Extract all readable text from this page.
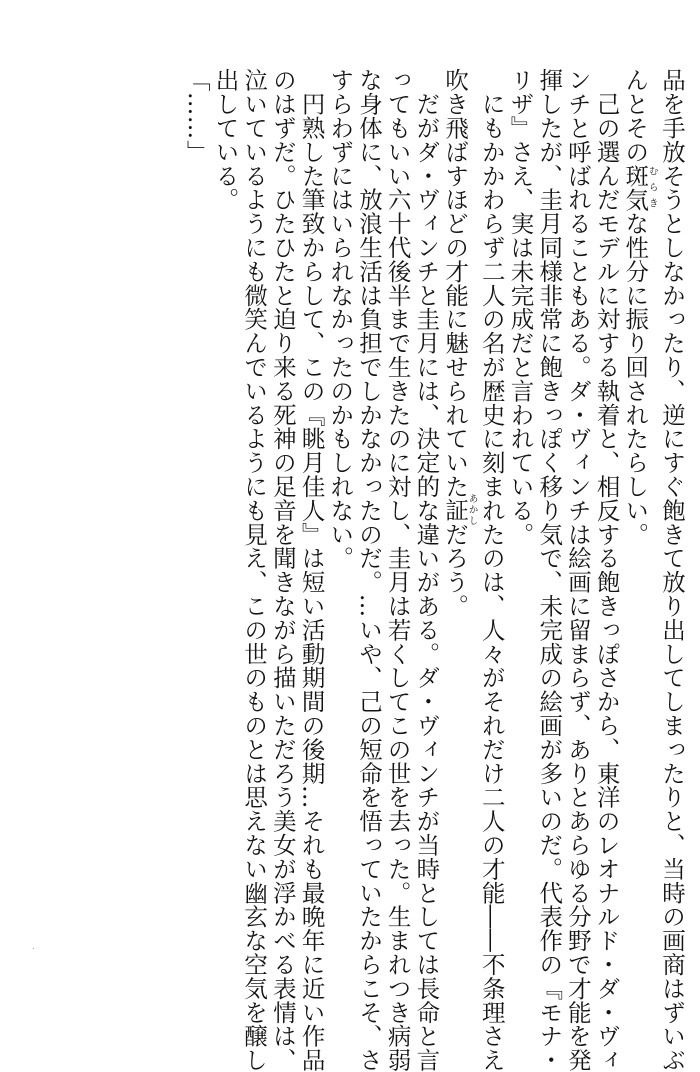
品を手放そうとしなかったり、逆にすぐ飽きて放り出してしまったりと、当時の画商はずいぶ

んとその斑気むらきな性分に振り回されたらしい。

　己の選んだモデルに対する執着と、相反する飽きっぽさから、東洋のレオナルド・ダ・ヴィ

ンチと呼ばれることもある。ダ・ヴィンチは絵画に留まらず、ありとあらゆる分野で才能を発

揮したが、圭月同様非常に飽きっぽく移り気で、未完成の絵画が多いのだ。代表作の『モナ・

リザ』さえ、実は未完成だと言われている。

　にもかかわらず二人の名が歴史に刻まれたのは、人々がそれだけ二人の才能――不条理さえ

吹き飛ばすほどの才能に魅せられていた証あかしだろう。

　だがダ・ヴィンチと圭月には、決定的な違いがある。ダ・ヴィンチが当時としては長命と言

ってもいい六十代後半まで生きたのに対し、圭月は若くしてこの世を去った。生まれつき病弱

な身体に、放浪生活は負担でしかなかったのだ。…いや、己の短命を悟っていたからこそ、さ

すらわずにはいられなかったのかもしれない。

　円熟した筆致からして、この『眺月佳人』は短い活動期間の後期…それも最晩年に近い作品

のはずだ。ひたひたと迫り来る死神の足音を聞きながら描いただろう美女が浮かべる表情は、

泣いているようにも微笑んでいるようにも見え、この世のものとは思えない幽玄な空気を醸し

出している。

「……」
